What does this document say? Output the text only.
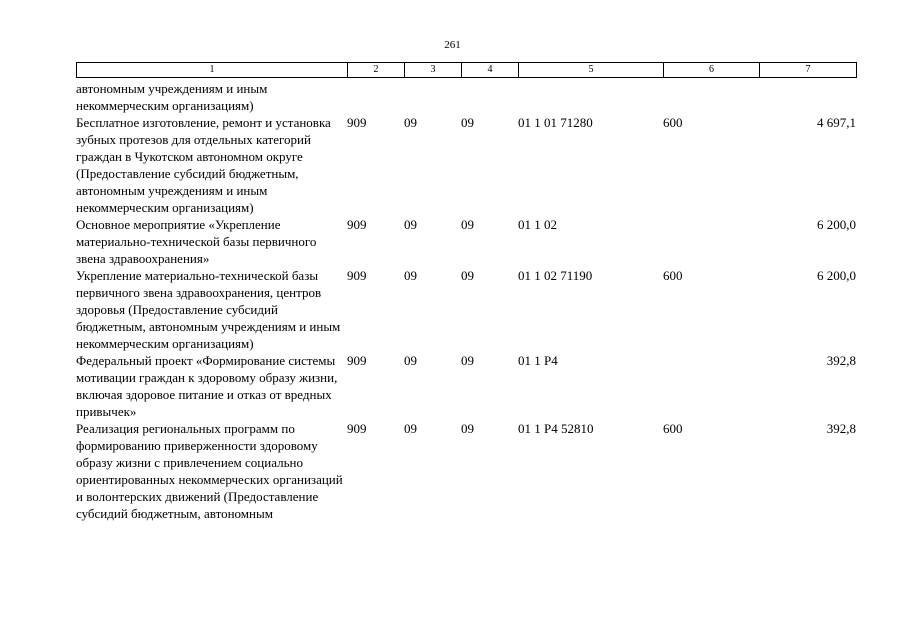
261
1	2	3	4	5	6	7
автономным учреждениям и иным некоммерческим организациям)						
Бесплатное изготовление, ремонт и установка зубных протезов для отдельных категорий граждан в Чукотском автономном округе (Предоставление субсидий бюджетным, автономным учреждениям и иным некоммерческим организациям)	909	09	09	01 1 01 71280	600	4 697,1
Основное мероприятие «Укрепление материально-технической базы первичного звена здравоохранения»	909	09	09	01 1 02		6 200,0
Укрепление материально-технической базы первичного звена здравоохранения, центров здоровья (Предоставление субсидий бюджетным, автономным учреждениям и иным некоммерческим организациям)	909	09	09	01 1 02 71190	600	6 200,0
Федеральный проект «Формирование системы мотивации граждан к здоровому образу жизни, включая здоровое питание и отказ от вредных привычек»	909	09	09	01 1 P4		392,8
Реализация региональных программ по формированию приверженности здоровому образу жизни с привлечением социально ориентированных некоммерческих организаций и волонтерских движений (Предоставление субсидий бюджетным, автономным	909	09	09	01 1 P4 52810	600	392,8
